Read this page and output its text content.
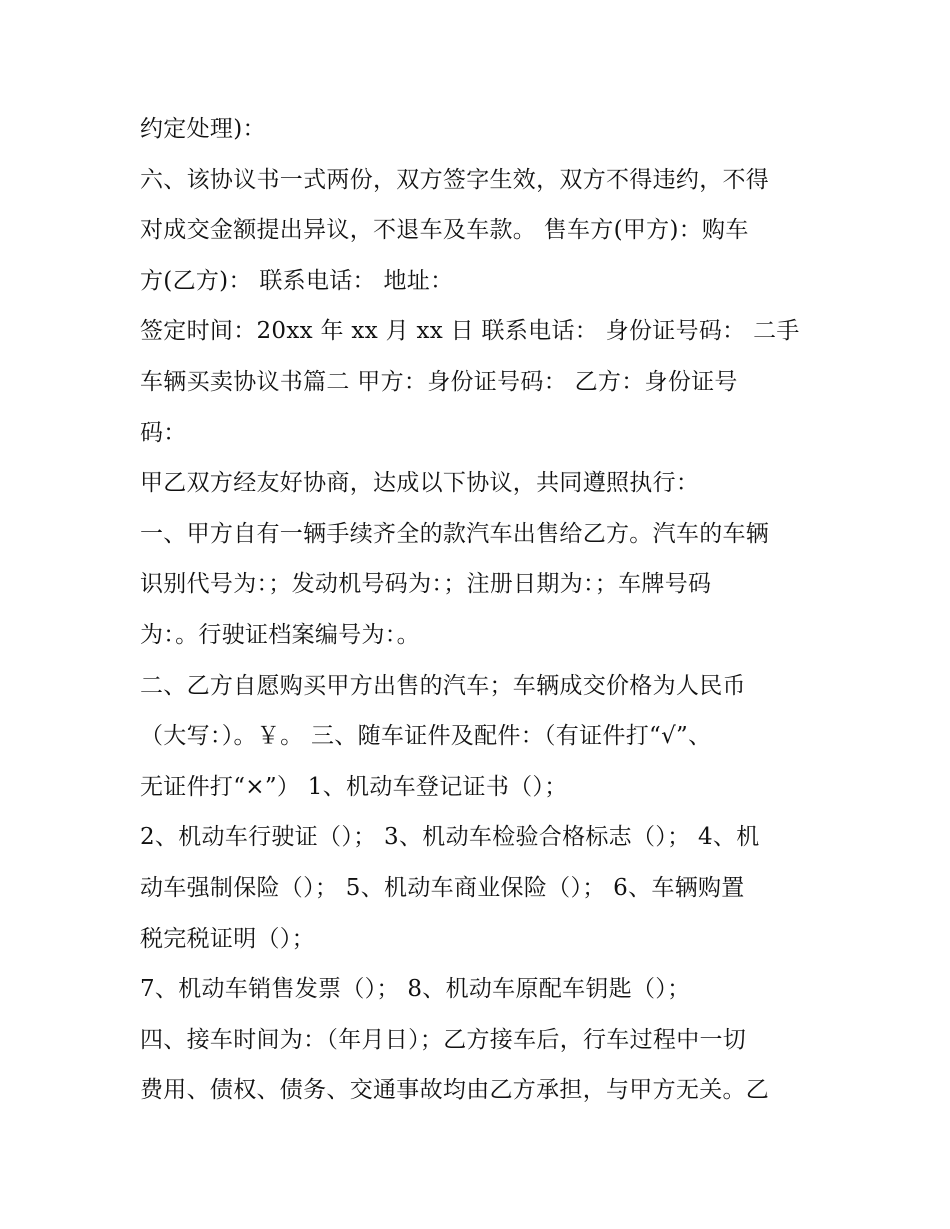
约定处理)：
六、该协议书一式两份，双方签字生效，双方不得违约，不得
对成交金额提出异议，不退车及车款。 售车方(甲方)：购车
方(乙方)： 联系电话： 地址：
签定时间：20xx 年 xx 月 xx 日 联系电话： 身份证号码： 二手
车辆买卖协议书篇二 甲方：身份证号码： 乙方：身份证号
码：
甲乙双方经友好协商，达成以下协议，共同遵照执行：
一、甲方自有一辆手续齐全的款汽车出售给乙方。汽车的车辆
识别代号为：；发动机号码为：；注册日期为：；车牌号码
为：。行驶证档案编号为：。
二、乙方自愿购买甲方出售的汽车；车辆成交价格为人民币
（大写：）。￥。 三、随车证件及配件：（有证件打“√”、
无证件打“×”） 1、机动车登记证书（）；
2、机动车行驶证（）； 3、机动车检验合格标志（）； 4、机
动车强制保险（）； 5、机动车商业保险（）； 6、车辆购置
税完税证明（）；
7、机动车销售发票（）； 8、机动车原配车钥匙（）；
四、接车时间为：（年月日）；乙方接车后，行车过程中一切
费用、债权、债务、交通事故均由乙方承担，与甲方无关。乙
